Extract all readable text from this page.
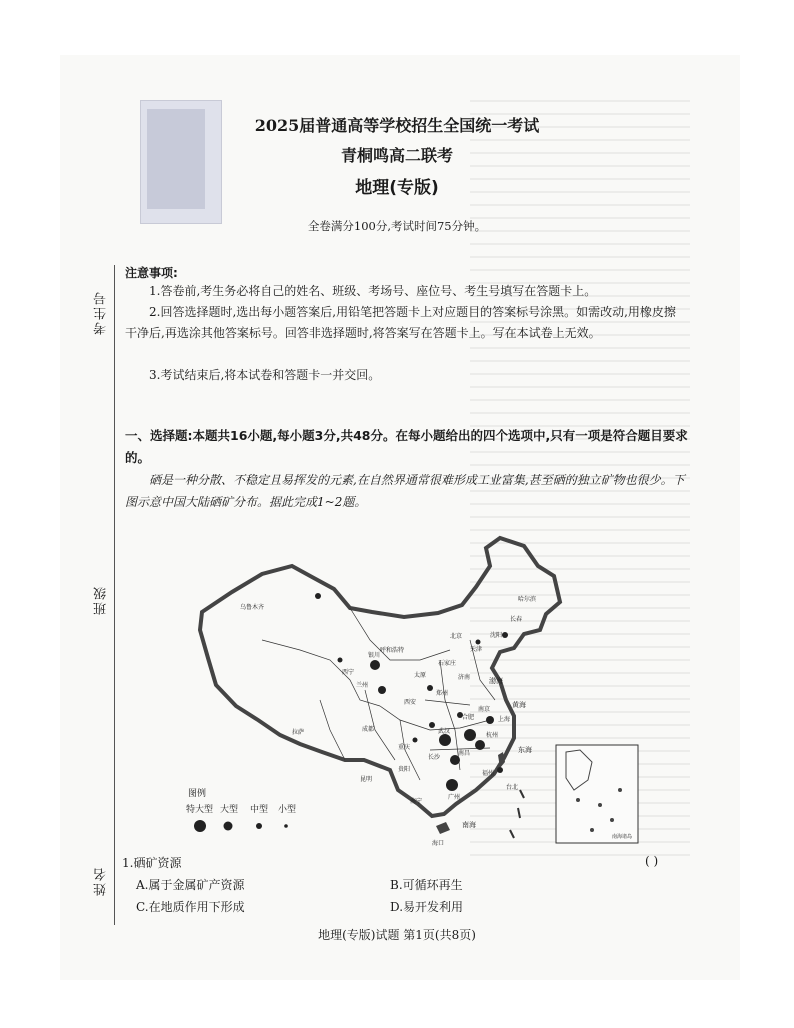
考生号
班级
姓名
2025届普通高等学校招生全国统一考试
青桐鸣高二联考
地理(专版)
全卷满分100分,考试时间75分钟。
注意事项:
1.答卷前,考生务必将自己的姓名、班级、考场号、座位号、考生号填写在答题卡上。
2.回答选择题时,选出每小题答案后,用铅笔把答题卡上对应题目的答案标号涂黑。如需改动,用橡皮擦干净后,再选涂其他答案标号。回答非选择题时,将答案写在答题卡上。写在本试卷上无效。
3.考试结束后,将本试卷和答题卡一并交回。
一、选择题:本题共16小题,每小题3分,共48分。在每小题给出的四个选项中,只有一项是符合题目要求的。
硒是一种分散、不稳定且易挥发的元素,在自然界通常很难形成工业富集,甚至硒的独立矿物也很少。下图示意中国大陆硒矿分布。据此完成1~2题。
乌鲁木齐
哈尔滨
长春
沈阳
呼和浩特
北京
天津
石家庄
太原
银川
西宁
兰州
济南
郑州
西安
南京
合肥	上海
成都	武汉
杭州
拉萨
重庆
长沙
南昌
贵阳
福州
昆明
南宁
广州
台北
海口
渤海
黄海
东海
南海
南海诸岛
图例
特大型 大型 中型 小型
1.硒矿资源	( )
A.属于金属矿产资源	B.可循环再生
C.在地质作用下形成	D.易开发利用
地理(专版)试题 第1页(共8页)
